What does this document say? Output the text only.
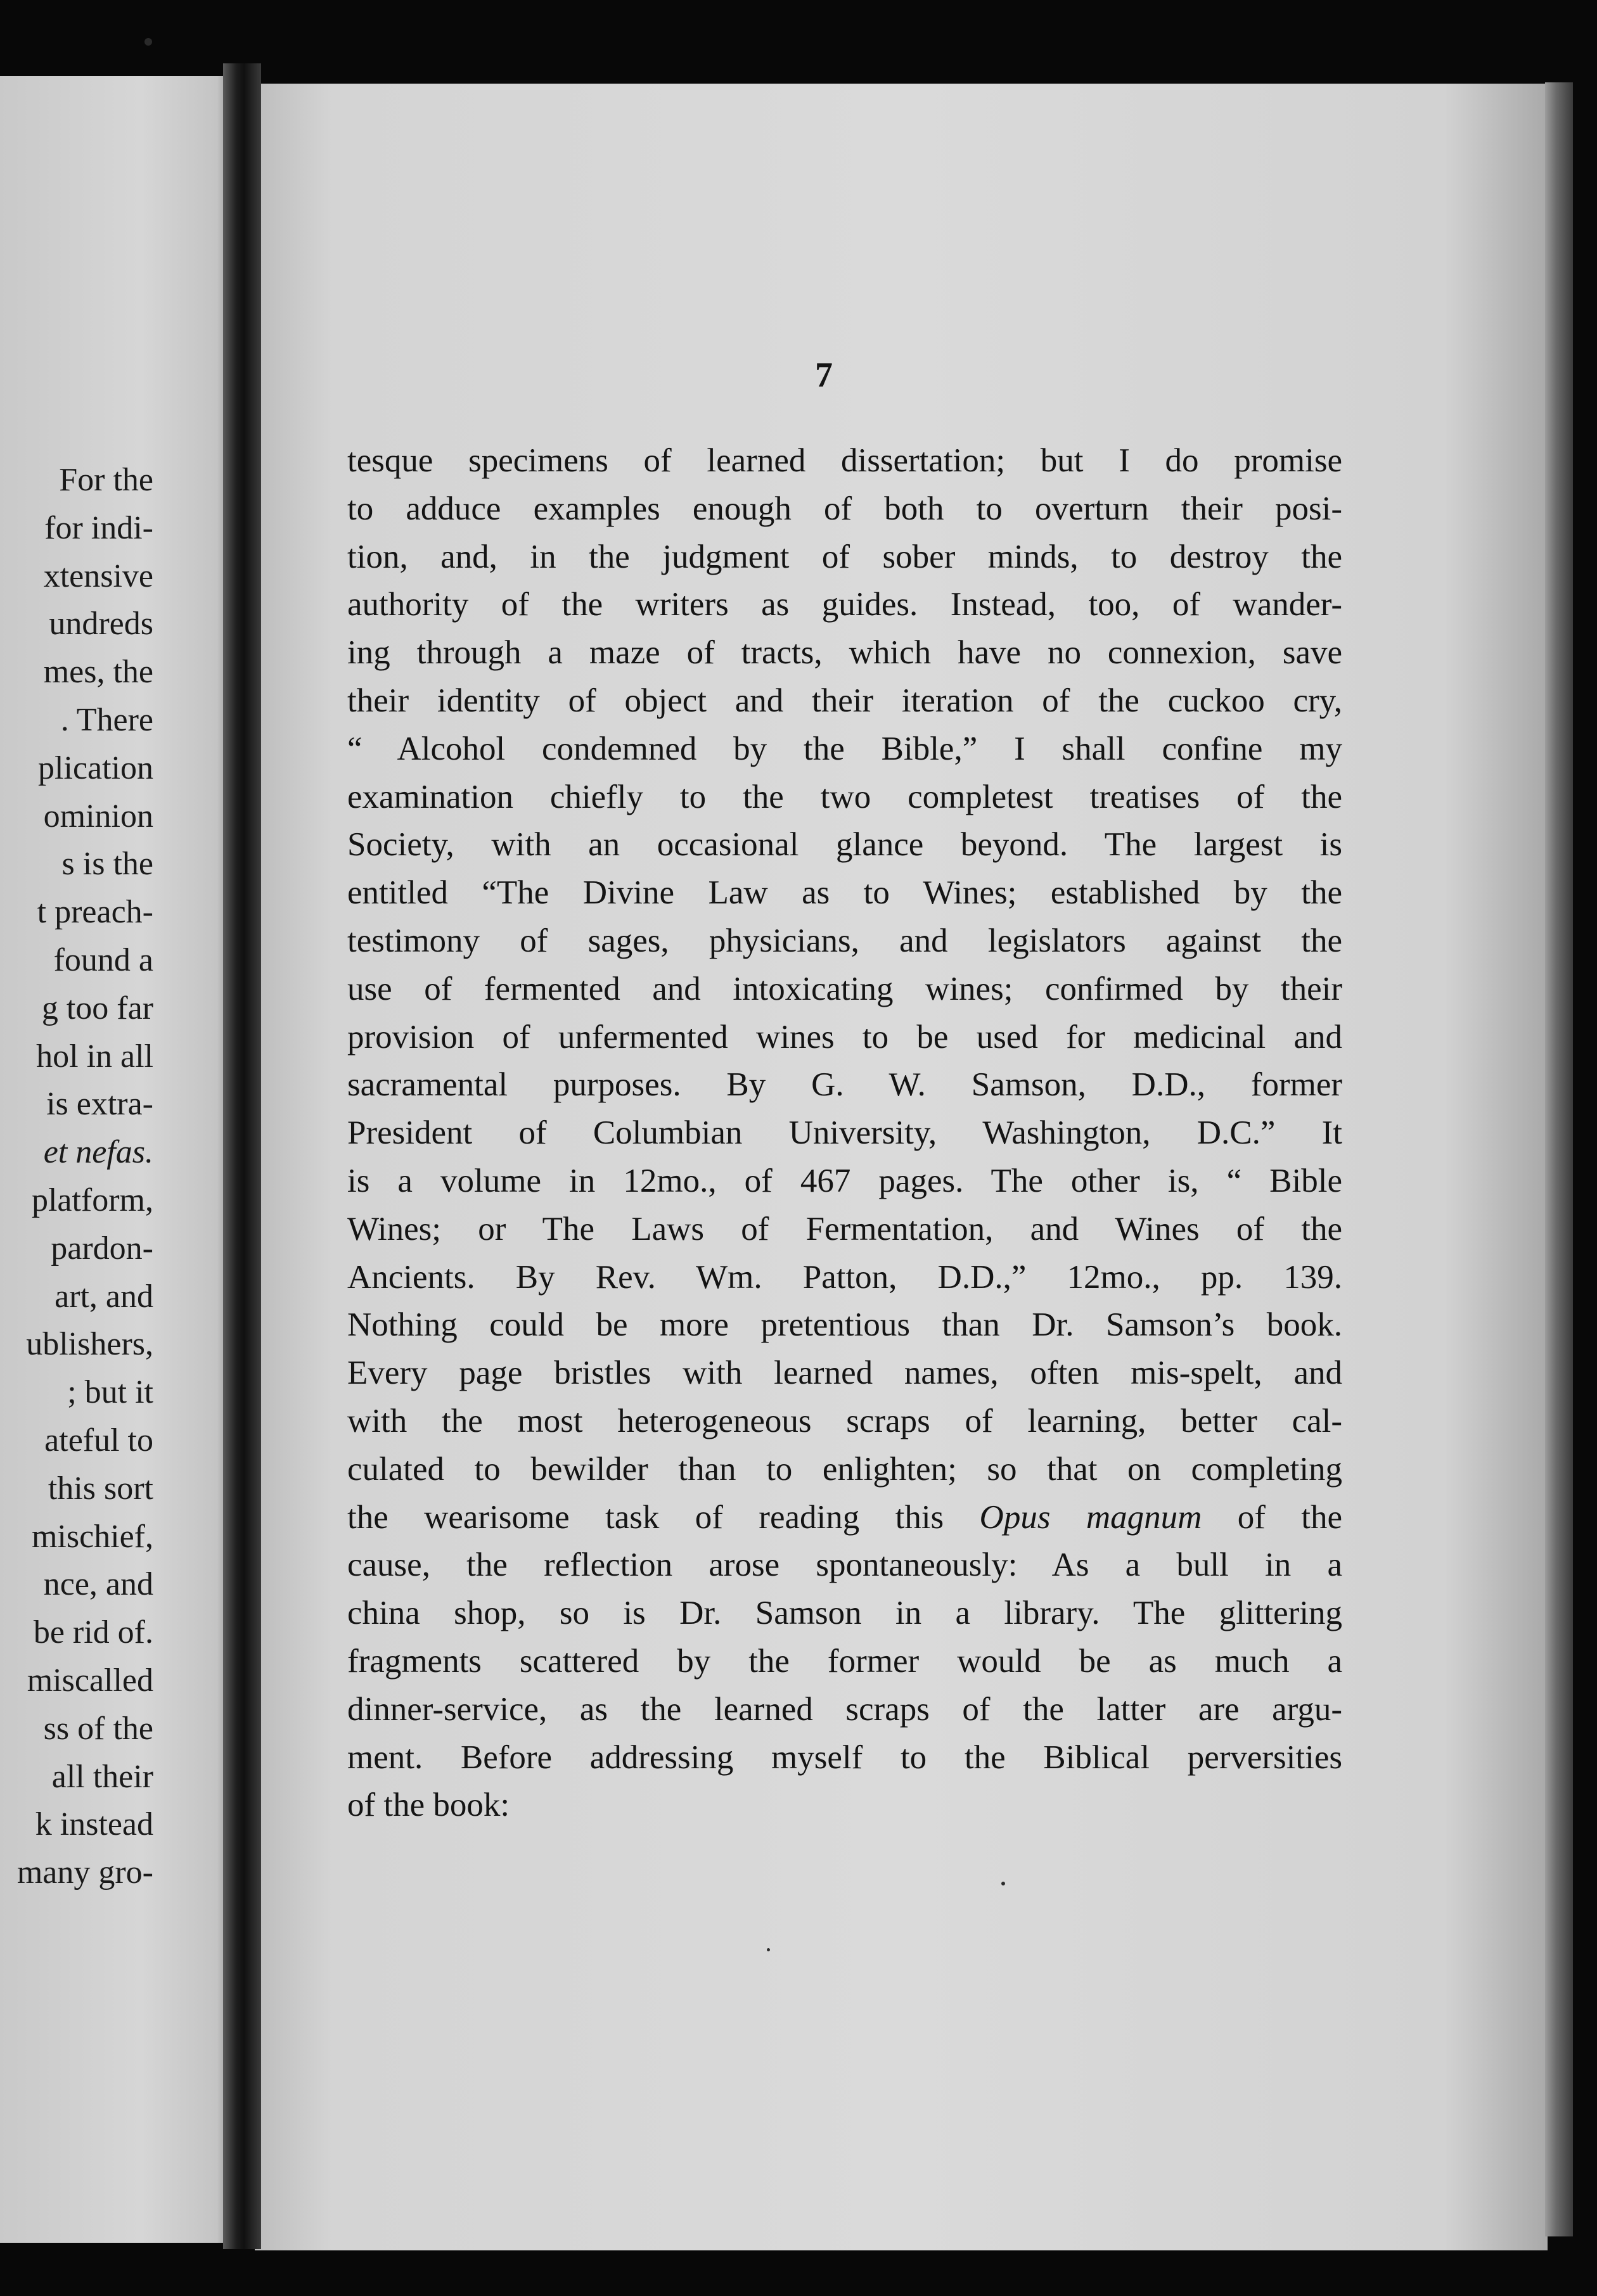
For the
for indi-
xtensive
undreds
mes, the
. There
plication
ominion
s is the
t preach-
found a
g too far
hol in all
is extra-
et nefas.
platform,
pardon-
art, and
ublishers,
; but it
ateful to
this sort
mischief,
nce, and
be rid of.
miscalled
ss of the
all their
k instead
many gro-
7
tesque specimens of learned dissertation; but I do promise
to adduce examples enough of both to overturn their posi-
tion, and, in the judgment of sober minds, to destroy the
authority of the writers as guides. Instead, too, of wander-
ing through a maze of tracts, which have no connexion, save
their identity of object and their iteration of the cuckoo cry,
“ Alcohol condemned by the Bible,” I shall confine my
examination chiefly to the two completest treatises of the
Society, with an occasional glance beyond. The largest is
entitled “The Divine Law as to Wines; established by the
testimony of sages, physicians, and legislators against the
use of fermented and intoxicating wines; confirmed by their
provision of unfermented wines to be used for medicinal and
sacramental purposes. By G. W. Samson, D.D., former
President of Columbian University, Washington, D.C.” It
is a volume in 12mo., of 467 pages. The other is, “ Bible
Wines; or The Laws of Fermentation, and Wines of the
Ancients. By Rev. Wm. Patton, D.D.,” 12mo., pp. 139.
Nothing could be more pretentious than Dr. Samson’s book.
Every page bristles with learned names, often mis-spelt, and
with the most heterogeneous scraps of learning, better cal-
culated to bewilder than to enlighten; so that on completing
the wearisome task of reading this Opus magnum of the
cause, the reflection arose spontaneously: As a bull in a
china shop, so is Dr. Samson in a library. The glittering
fragments scattered by the former would be as much a
dinner-service, as the learned scraps of the latter are argu-
ment. Before addressing myself to the Biblical perversities
of the book:
